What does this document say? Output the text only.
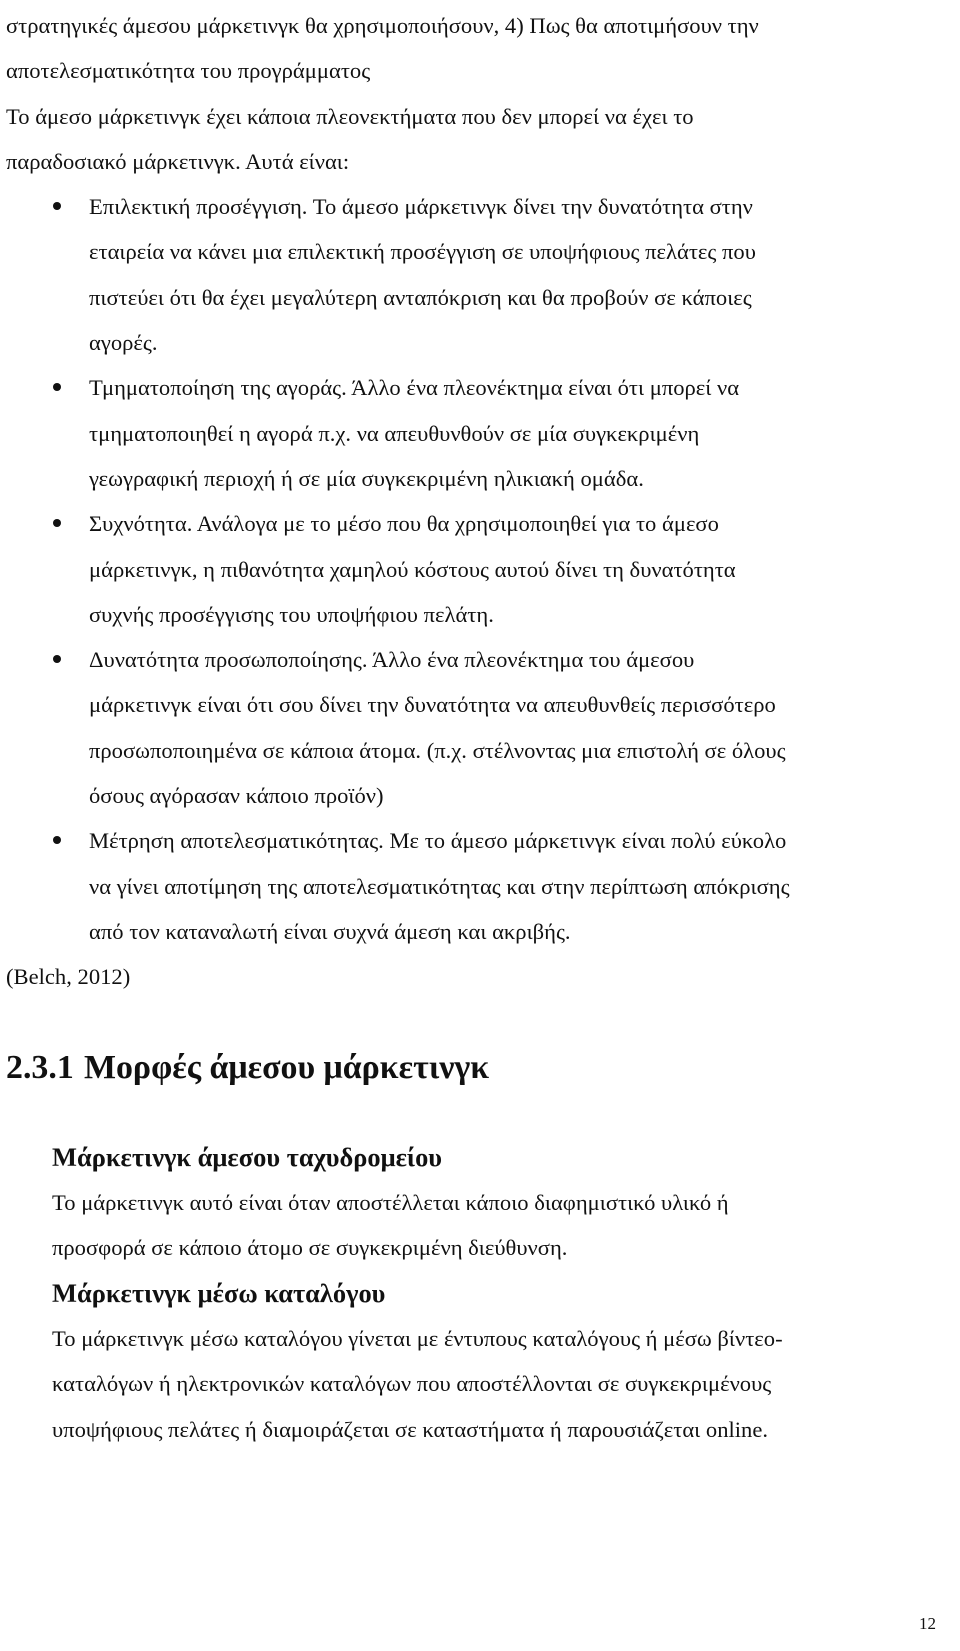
στρατηγικές άμεσου μάρκετινγκ θα χρησιμοποιήσουν, 4) Πως θα αποτιμήσουν την
αποτελεσματικότητα του προγράμματος
Το άμεσο μάρκετινγκ έχει κάποια πλεονεκτήματα που δεν μπορεί να έχει το
παραδοσιακό μάρκετινγκ. Αυτά είναι:
Επιλεκτική προσέγγιση. Το άμεσο μάρκετινγκ δίνει την δυνατότητα στην
εταιρεία να κάνει μια επιλεκτική προσέγγιση σε υποψήφιους πελάτες που
πιστεύει ότι θα έχει μεγαλύτερη ανταπόκριση και θα προβούν σε κάποιες
αγορές.
Τμηματοποίηση της αγοράς. Άλλο ένα πλεονέκτημα είναι ότι μπορεί να
τμηματοποιηθεί η αγορά π.χ. να απευθυνθούν σε μία συγκεκριμένη
γεωγραφική περιοχή ή σε μία συγκεκριμένη ηλικιακή ομάδα.
Συχνότητα. Ανάλογα με το μέσο που θα χρησιμοποιηθεί για το άμεσο
μάρκετινγκ, η πιθανότητα χαμηλού κόστους αυτού δίνει τη δυνατότητα
συχνής προσέγγισης του υποψήφιου πελάτη.
Δυνατότητα προσωποποίησης. Άλλο ένα πλεονέκτημα του άμεσου
μάρκετινγκ είναι ότι σου δίνει την δυνατότητα να απευθυνθείς περισσότερο
προσωποποιημένα σε κάποια άτομα. (π.χ. στέλνοντας μια επιστολή σε όλους
όσους αγόρασαν κάποιο προϊόν)
Μέτρηση αποτελεσματικότητας. Με το άμεσο μάρκετινγκ είναι πολύ εύκολο
να γίνει αποτίμηση της αποτελεσματικότητας και στην περίπτωση απόκρισης
από τον καταναλωτή είναι συχνά άμεση και ακριβής.

(Belch, 2012)

2.3.1 Μορφές άμεσου μάρκετινγκ
Μάρκετινγκ άμεσου ταχυδρομείου
Το μάρκετινγκ αυτό είναι όταν αποστέλλεται κάποιο διαφημιστικό υλικό ή
προσφορά σε κάποιο άτομο σε συγκεκριμένη διεύθυνση.
Μάρκετινγκ μέσω καταλόγου
Το μάρκετινγκ μέσω καταλόγου γίνεται με έντυπους καταλόγους ή μέσω βίντεο-
καταλόγων ή ηλεκτρονικών καταλόγων που αποστέλλονται σε συγκεκριμένους
υποψήφιους πελάτες ή διαμοιράζεται σε καταστήματα ή παρουσιάζεται online.
12
